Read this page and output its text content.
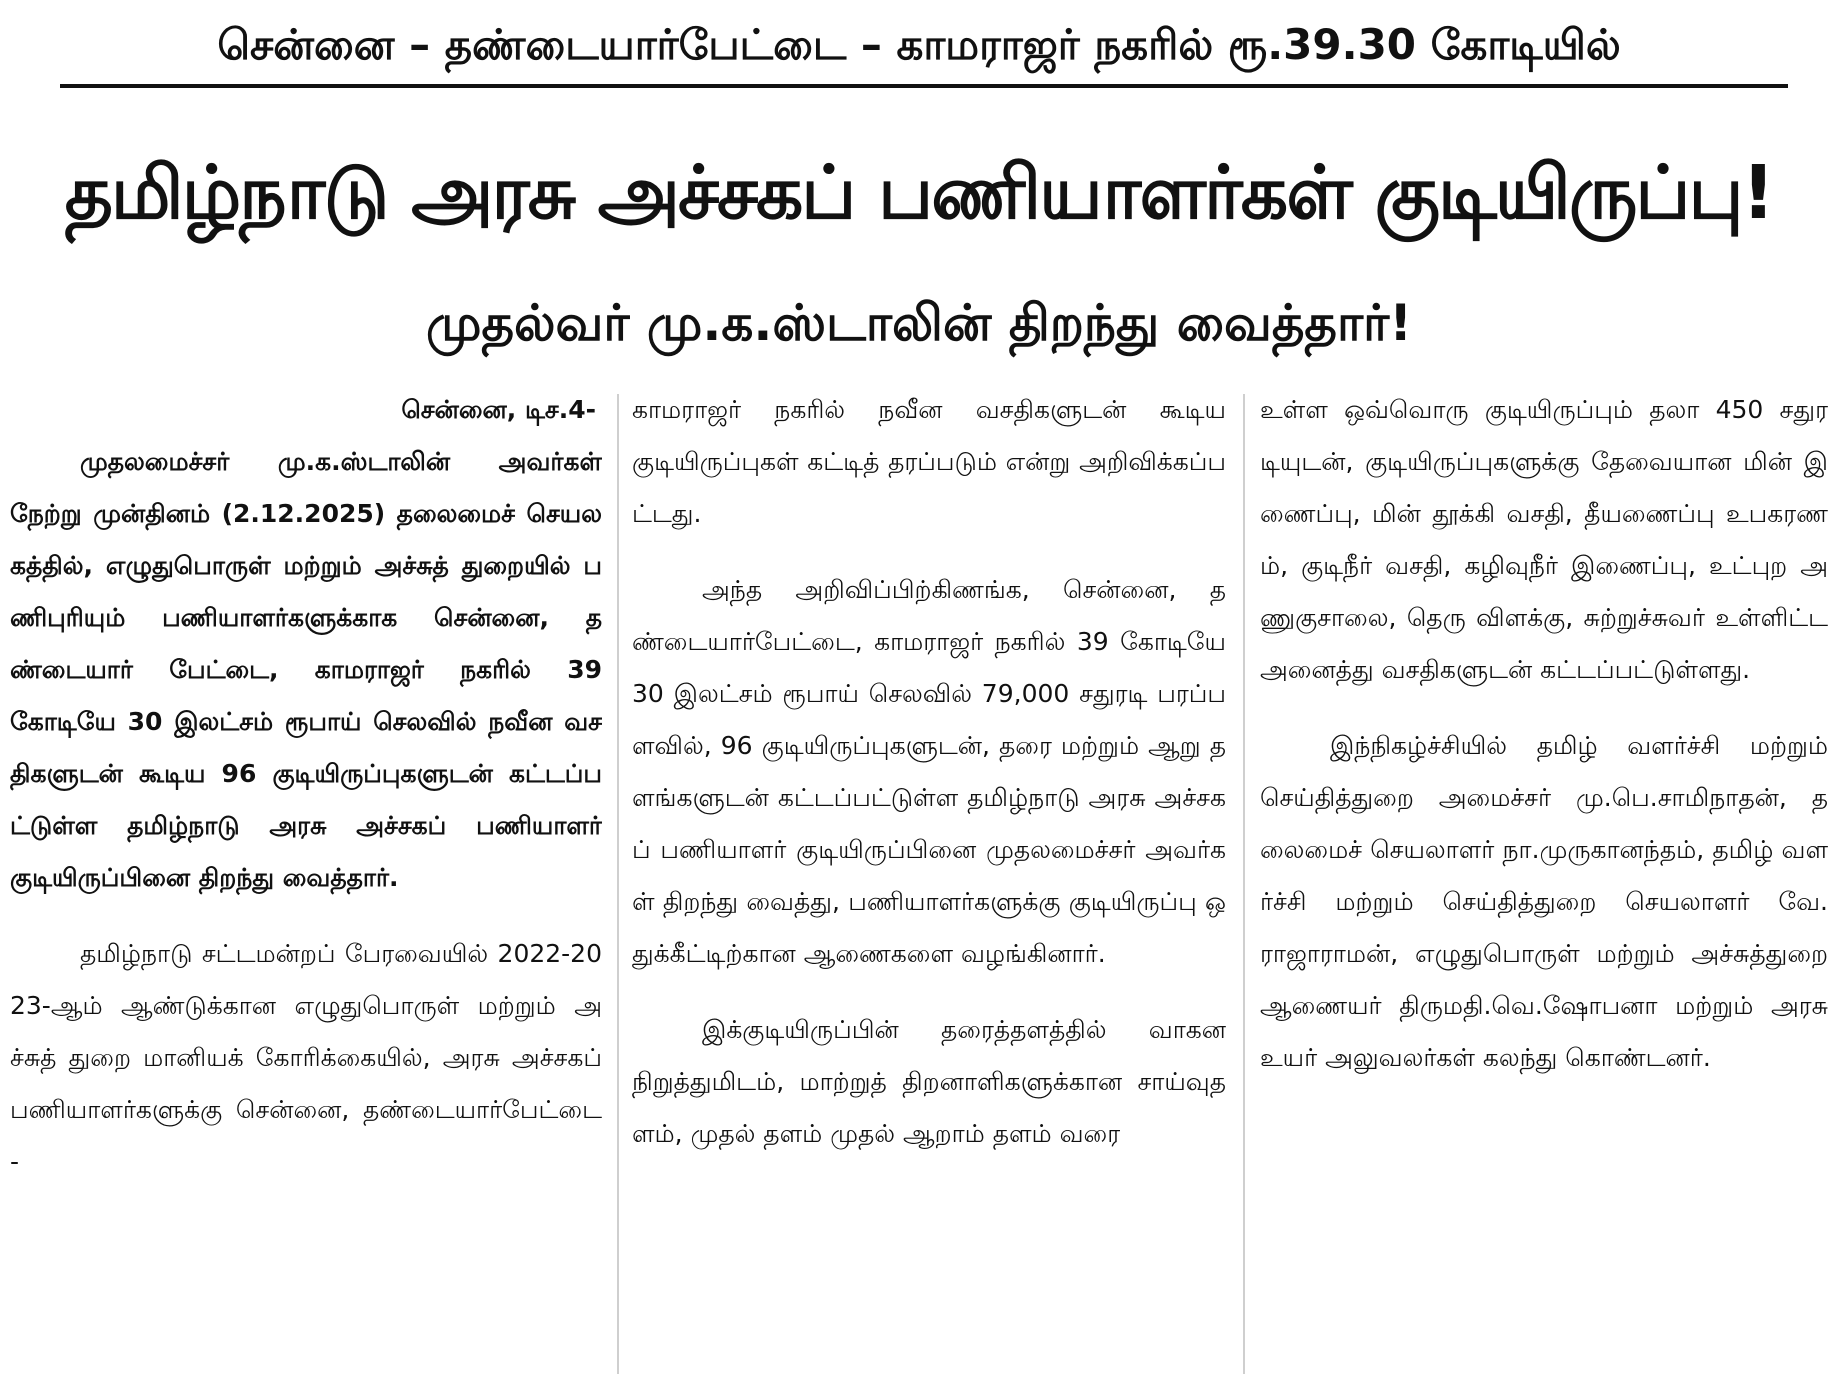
சென்னை – தண்டையார்பேட்டை – காமராஜர் நகரில் ரூ.39.30 கோடியில்
தமிழ்நாடு அரசு அச்சகப் பணியாளர்கள் குடியிருப்பு!
முதல்வர் மு.க.ஸ்டாலின் திறந்து வைத்தார்!

சென்னை, டிச.4-

முதலமைச்சர் மு.க.ஸ்டாலின் அவர்கள் நேற்று முன்தினம் (2.12.2025) தலைமைச் செயலகத்தில், எழுதுபொருள் மற்றும் அச்சுத் துறையில் பணிபுரியும் பணியாளர்களுக்காக சென்னை, தண்டையார் பேட்டை, காமராஜர் நகரில் 39 கோடியே 30 இலட்சம் ரூபாய் செலவில் நவீன வசதிகளுடன் கூடிய 96 குடியிருப்புகளுடன் கட்டப்பட்டுள்ள தமிழ்நாடு அரசு அச்சகப் பணியாளர் குடியிருப்பினை திறந்து வைத்தார்.

தமிழ்நாடு சட்டமன்றப் பேரவையில் 2022-2023-ஆம் ஆண்டுக்கான எழுதுபொருள் மற்றும் அச்சுத் துறை மானியக் கோரிக்கையில், அரசு அச்சகப் பணியாளர்களுக்கு சென்னை, தண்டையார்பேட்டை -

காமராஜர் நகரில் நவீன வசதிகளுடன் கூடிய குடியிருப்புகள் கட்டித் தரப்படும் என்று அறிவிக்கப்பட்டது.

அந்த அறிவிப்பிற்கிணங்க, சென்னை, தண்டையார்பேட்டை, காமராஜர் நகரில் 39 கோடியே 30 இலட்சம் ரூபாய் செலவில் 79,000 சதுரடி பரப்பளவில், 96 குடியிருப்புகளுடன், தரை மற்றும் ஆறு தளங்களுடன் கட்டப்பட்டுள்ள தமிழ்நாடு அரசு அச்சகப் பணியாளர் குடியிருப்பினை முதலமைச்சர் அவர்கள் திறந்து வைத்து, பணியாளர்களுக்கு குடியிருப்பு ஒதுக்கீட்டிற்கான ஆணைகளை வழங்கினார்.

இக்குடியிருப்பின் தரைத்தளத்தில் வாகன நிறுத்துமிடம், மாற்றுத் திறனாளிகளுக்கான சாய்வுதளம், முதல் தளம் முதல் ஆறாம் தளம் வரை

உள்ள ஒவ்வொரு குடியிருப்பும் தலா 450 சதுரடியுடன், குடியிருப்புகளுக்கு தேவையான மின் இணைப்பு, மின் தூக்கி வசதி, தீயணைப்பு உபகரணம், குடிநீர் வசதி, கழிவுநீர் இணைப்பு, உட்புற அணுகுசாலை, தெரு விளக்கு, சுற்றுச்சுவர் உள்ளிட்ட அனைத்து வசதிகளுடன் கட்டப்பட்டுள்ளது.

இந்நிகழ்ச்சியில் தமிழ் வளர்ச்சி மற்றும் செய்தித்துறை அமைச்சர் மு.பெ.சாமிநாதன், தலைமைச் செயலாளர் நா.முருகானந்தம், தமிழ் வளர்ச்சி மற்றும் செய்தித்துறை செயலாளர் வே.ராஜாராமன், எழுதுபொருள் மற்றும் அச்சுத்துறை ஆணையர் திருமதி.வெ.ஷோபனா மற்றும் அரசு உயர் அலுவலர்கள் கலந்து கொண்டனர்.
